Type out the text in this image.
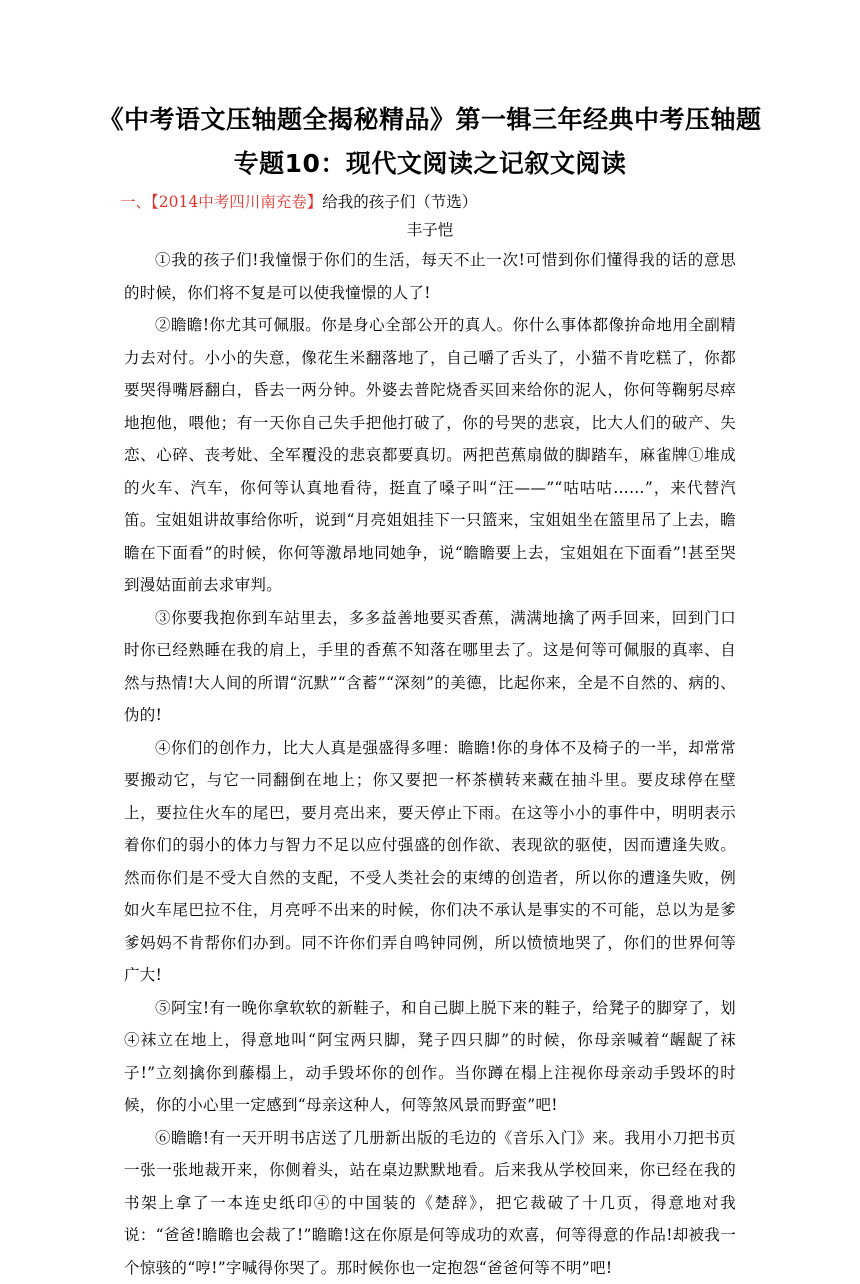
《中考语文压轴题全揭秘精品》第一辑三年经典中考压轴题
专题10：现代文阅读之记叙文阅读

一、【2014中考四川南充卷】给我的孩子们（节选）

丰子恺

①我的孩子们!我憧憬于你们的生活，每天不止一次!可惜到你们懂得我的话的意思的时候，你们将不复是可以使我憧憬的人了!

②瞻瞻!你尤其可佩服。你是身心全部公开的真人。你什么事体都像拚命地用全副精力去对付。小小的失意，像花生米翻落地了，自己嚼了舌头了，小猫不肯吃糕了，你都要哭得嘴唇翻白，昏去一两分钟。外婆去普陀烧香买回来给你的泥人，你何等鞠躬尽瘁地抱他，喂他；有一天你自己失手把他打破了，你的号哭的悲哀，比大人们的破产、失恋、心碎、丧考妣、全军覆没的悲哀都要真切。两把芭蕉扇做的脚踏车，麻雀牌①堆成的火车、汽车，你何等认真地看待，挺直了嗓子叫“汪——”“咕咕咕……”，来代替汽笛。宝姐姐讲故事给你听，说到“月亮姐姐挂下一只篮来，宝姐姐坐在篮里吊了上去，瞻瞻在下面看”的时候，你何等激昂地同她争，说“瞻瞻要上去，宝姐姐在下面看”!甚至哭到漫姑面前去求审判。

③你要我抱你到车站里去，多多益善地要买香蕉，满满地擒了两手回来，回到门口时你已经熟睡在我的肩上，手里的香蕉不知落在哪里去了。这是何等可佩服的真率、自然与热情!大人间的所谓“沉默”“含蓄”“深刻”的美德，比起你来，全是不自然的、病的、伪的!

④你们的创作力，比大人真是强盛得多哩：瞻瞻!你的身体不及椅子的一半，却常常要搬动它，与它一同翻倒在地上；你又要把一杯茶横转来藏在抽斗里。要皮球停在壁上，要拉住火车的尾巴，要月亮出来，要天停止下雨。在这等小小的事件中，明明表示着你们的弱小的体力与智力不足以应付强盛的创作欲、表现欲的驱使，因而遭逢失败。然而你们是不受大自然的支配，不受人类社会的束缚的创造者，所以你的遭逢失败，例如火车尾巴拉不住，月亮呼不出来的时候，你们决不承认是事实的不可能，总以为是爹爹妈妈不肯帮你们办到。同不许你们弄自鸣钟同例，所以愤愤地哭了，你们的世界何等广大!

⑤阿宝!有一晚你拿软软的新鞋子，和自己脚上脱下来的鞋子，给凳子的脚穿了，划④袜立在地上，得意地叫“阿宝两只脚，凳子四只脚”的时候，你母亲喊着“龌龊了袜子!”立刻擒你到藤榻上，动手毁坏你的创作。当你蹲在榻上注视你母亲动手毁坏的时候，你的小心里一定感到“母亲这种人，何等煞风景而野蛮”吧!

⑥瞻瞻!有一天开明书店送了几册新出版的毛边的《音乐入门》来。我用小刀把书页一张一张地裁开来，你侧着头，站在桌边默默地看。后来我从学校回来，你已经在我的书架上拿了一本连史纸印④的中国装的《楚辞》，把它裁破了十几页，得意地对我说：“爸爸!瞻瞻也会裁了!”瞻瞻!这在你原是何等成功的欢喜，何等得意的作品!却被我一个惊骇的“哼!”字喊得你哭了。那时候你也一定抱怨“爸爸何等不明”吧!
